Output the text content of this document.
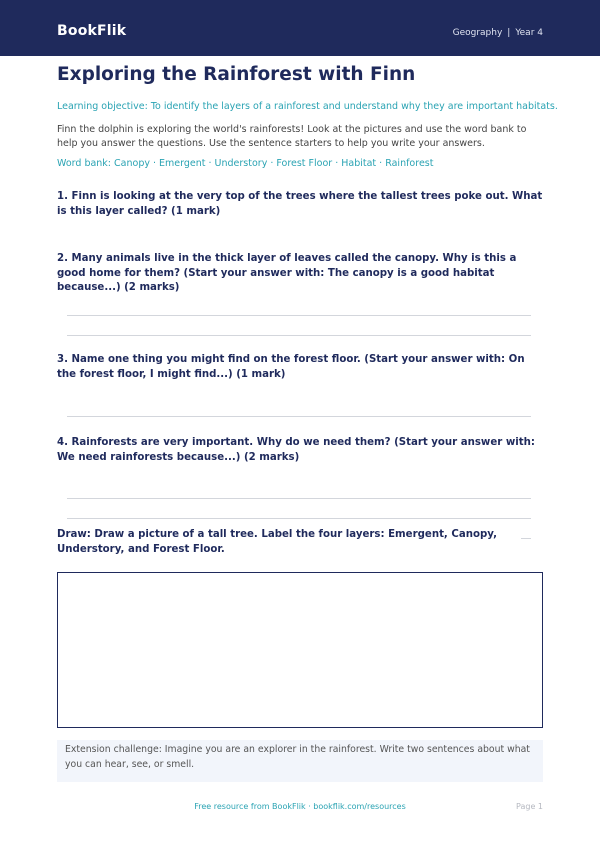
BookFlik	Geography | Year 4
Exploring the Rainforest with Finn
Learning objective: To identify the layers of a rainforest and understand why they are important habitats.
Finn the dolphin is exploring the world's rainforests! Look at the pictures and use the word bank to help you answer the questions. Use the sentence starters to help you write your answers.
Word bank: Canopy · Emergent · Understory · Forest Floor · Habitat · Rainforest
1. Finn is looking at the very top of the trees where the tallest trees poke out. What is this layer called? (1 mark)
2. Many animals live in the thick layer of leaves called the canopy. Why is this a good home for them? (Start your answer with: The canopy is a good habitat because...) (2 marks)
3. Name one thing you might find on the forest floor. (Start your answer with: On the forest floor, I might find...) (1 mark)
4. Rainforests are very important. Why do we need them? (Start your answer with: We need rainforests because...) (2 marks)
Draw: Draw a picture of a tall tree. Label the four layers: Emergent, Canopy, Understory, and Forest Floor.
Extension challenge: Imagine you are an explorer in the rainforest. Write two sentences about what you can hear, see, or smell.
Free resource from BookFlik · bookflik.com/resources	Page 1
